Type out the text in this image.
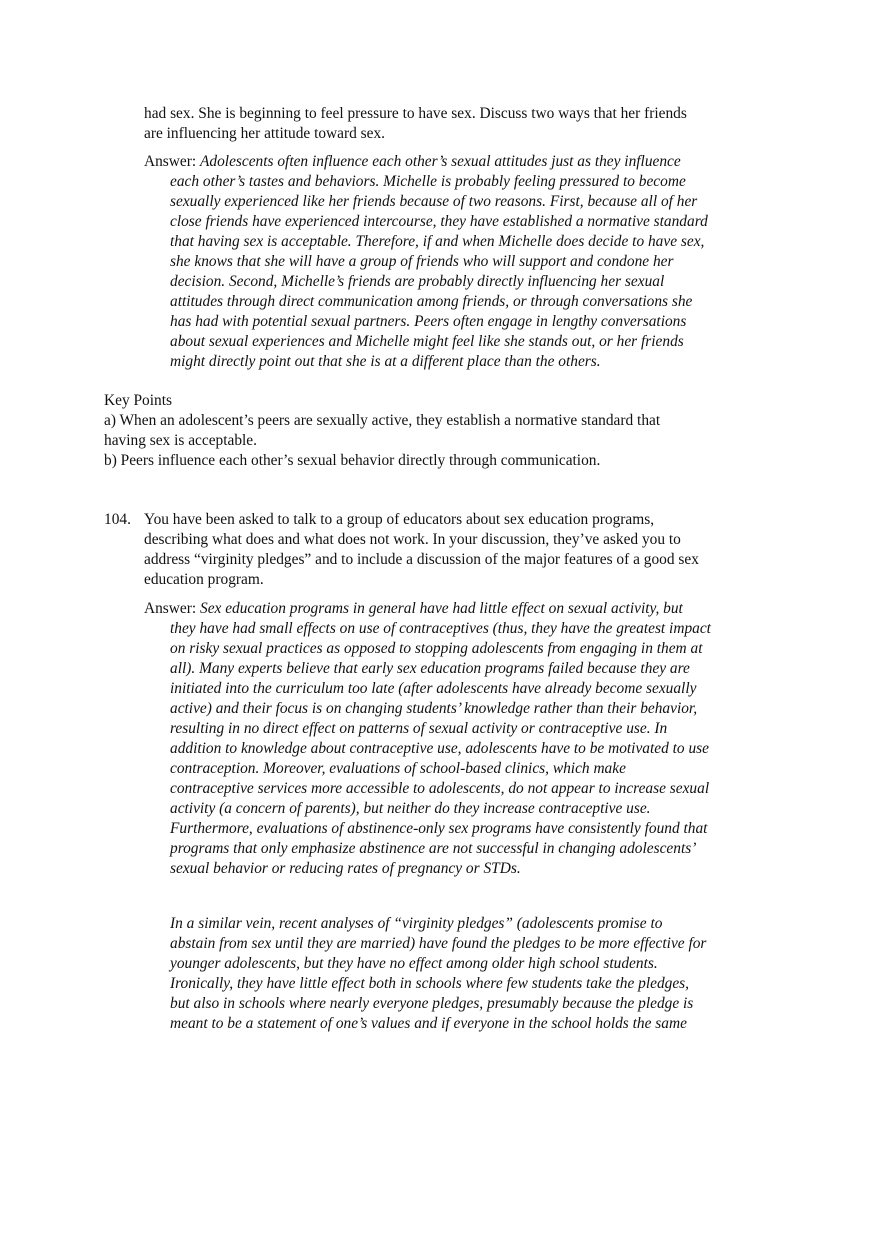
had sex. She is beginning to feel pressure to have sex. Discuss two ways that her friends
are influencing her attitude toward sex.
Answer: Adolescents often influence each other’s sexual attitudes just as they influence
each other’s tastes and behaviors. Michelle is probably feeling pressured to become
sexually experienced like her friends because of two reasons. First, because all of her
close friends have experienced intercourse, they have established a normative standard
that having sex is acceptable. Therefore, if and when Michelle does decide to have sex,
she knows that she will have a group of friends who will support and condone her
decision. Second, Michelle’s friends are probably directly influencing her sexual
attitudes through direct communication among friends, or through conversations she
has had with potential sexual partners. Peers often engage in lengthy conversations
about sexual experiences and Michelle might feel like she stands out, or her friends
might directly point out that she is at a different place than the others.
Key Points
a) When an adolescent’s peers are sexually active, they establish a normative standard that
having sex is acceptable.
b) Peers influence each other’s sexual behavior directly through communication.
104. You have been asked to talk to a group of educators about sex education programs,
describing what does and what does not work. In your discussion, they’ve asked you to
address “virginity pledges” and to include a discussion of the major features of a good sex
education program.
Answer: Sex education programs in general have had little effect on sexual activity, but
they have had small effects on use of contraceptives (thus, they have the greatest impact
on risky sexual practices as opposed to stopping adolescents from engaging in them at
all). Many experts believe that early sex education programs failed because they are
initiated into the curriculum too late (after adolescents have already become sexually
active) and their focus is on changing students’ knowledge rather than their behavior,
resulting in no direct effect on patterns of sexual activity or contraceptive use. In
addition to knowledge about contraceptive use, adolescents have to be motivated to use
contraception. Moreover, evaluations of school-based clinics, which make
contraceptive services more accessible to adolescents, do not appear to increase sexual
activity (a concern of parents), but neither do they increase contraceptive use.
Furthermore, evaluations of abstinence-only sex programs have consistently found that
programs that only emphasize abstinence are not successful in changing adolescents’
sexual behavior or reducing rates of pregnancy or STDs.
In a similar vein, recent analyses of “virginity pledges” (adolescents promise to
abstain from sex until they are married) have found the pledges to be more effective for
younger adolescents, but they have no effect among older high school students.
Ironically, they have little effect both in schools where few students take the pledges,
but also in schools where nearly everyone pledges, presumably because the pledge is
meant to be a statement of one’s values and if everyone in the school holds the same
